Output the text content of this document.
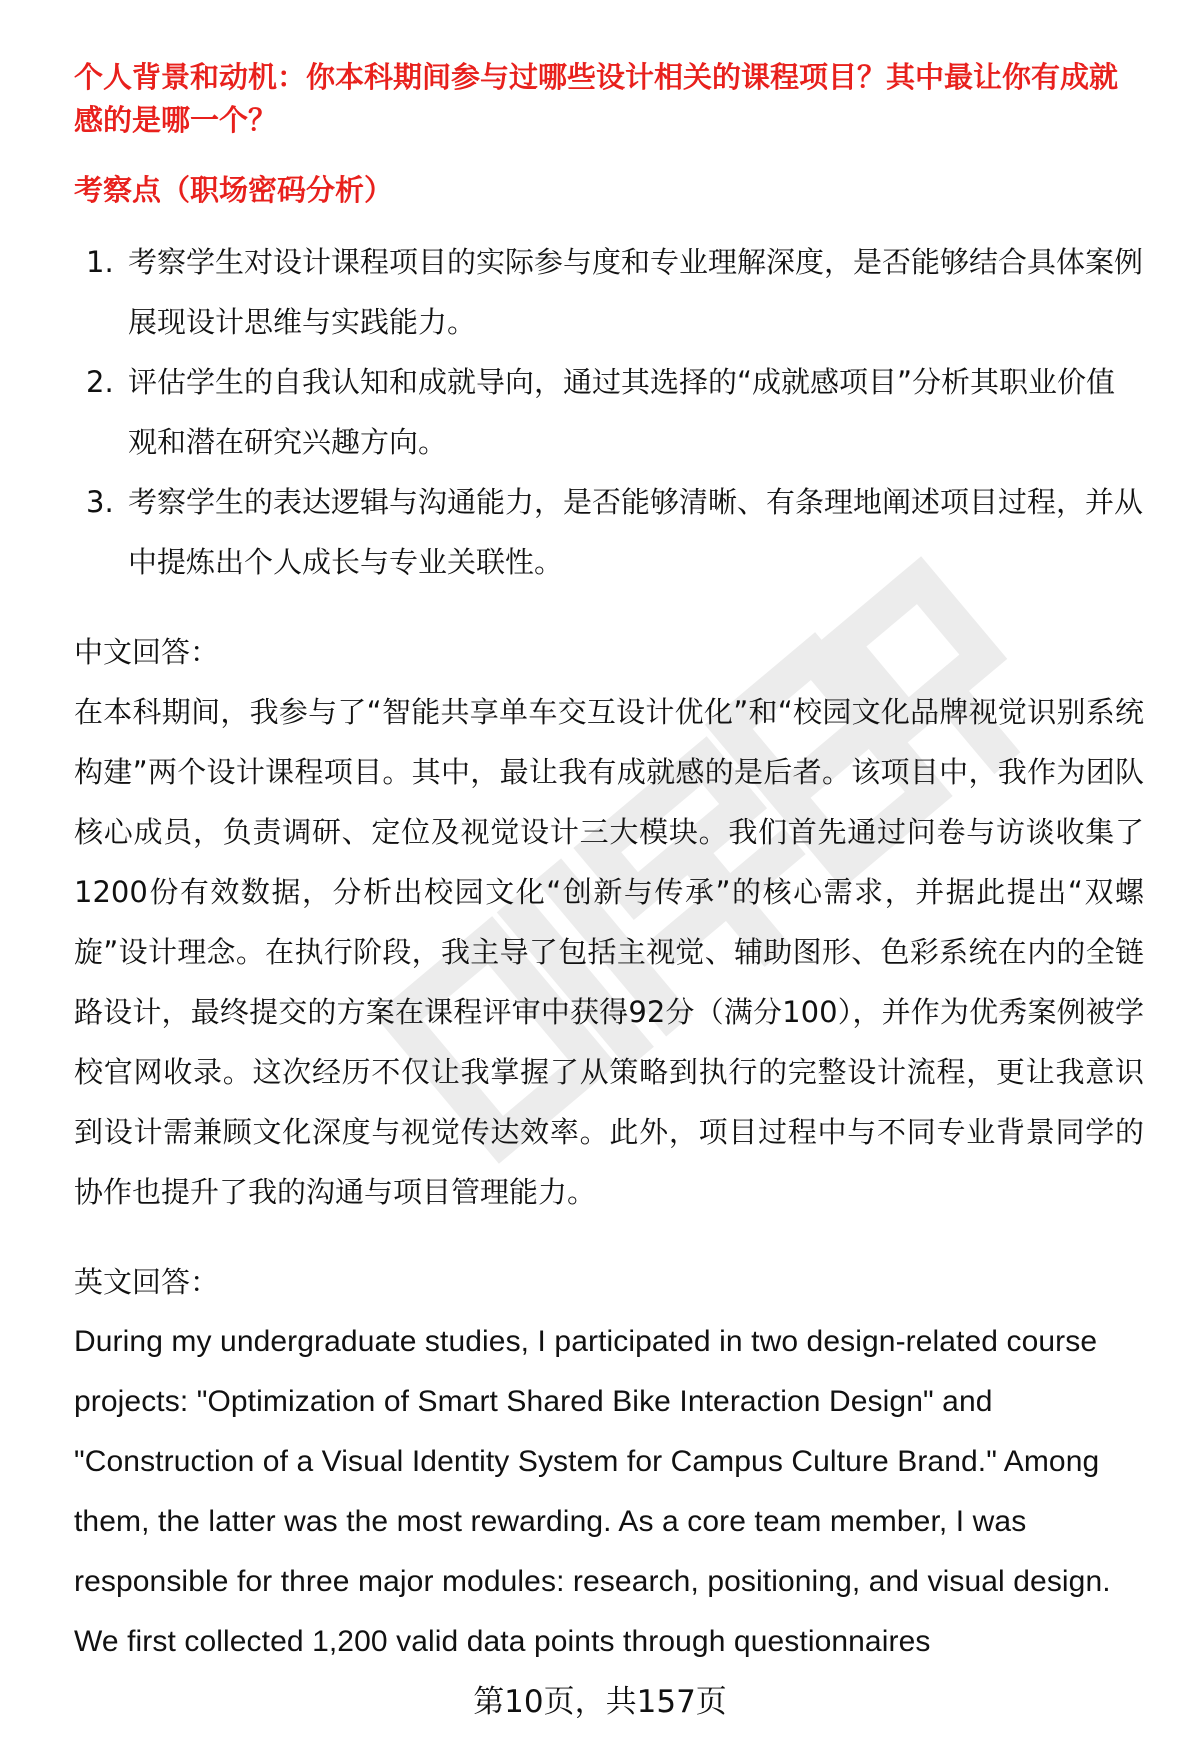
个人背景和动机：你本科期间参与过哪些设计相关的课程项目？其中最让你有成就感的是哪一个？

考察点（职场密码分析）
1. 考察学生对设计课程项目的实际参与度和专业理解深度，是否能够结合具体案例展现设计思维与实践能力。
2. 评估学生的自我认知和成就导向，通过其选择的“成就感项目”分析其职业价值观和潜在研究兴趣方向。
3. 考察学生的表达逻辑与沟通能力，是否能够清晰、有条理地阐述项目过程，并从中提炼出个人成长与专业关联性。
中文回答：

在本科期间，我参与了“智能共享单车交互设计优化”和“校园文化品牌视觉识别系统构建”两个设计课程项目。其中，最让我有成就感的是后者。该项目中，我作为团队核心成员，负责调研、定位及视觉设计三大模块。我们首先通过问卷与访谈收集了1200份有效数据，分析出校园文化“创新与传承”的核心需求，并据此提出“双螺旋”设计理念。在执行阶段，我主导了包括主视觉、辅助图形、色彩系统在内的全链路设计，最终提交的方案在课程评审中获得92分（满分100），并作为优秀案例被学校官网收录。这次经历不仅让我掌握了从策略到执行的完整设计流程，更让我意识到设计需兼顾文化深度与视觉传达效率。此外，项目过程中与不同专业背景同学的协作也提升了我的沟通与项目管理能力。

英文回答：

During my undergraduate studies, I participated in two design-related course projects: "Optimization of Smart Shared Bike Interaction Design" and "Construction of a Visual Identity System for Campus Culture Brand." Among them, the latter was the most rewarding. As a core team member, I was responsible for three major modules: research, positioning, and visual design. We first collected 1,200 valid data points through questionnaires

第10页，共157页
